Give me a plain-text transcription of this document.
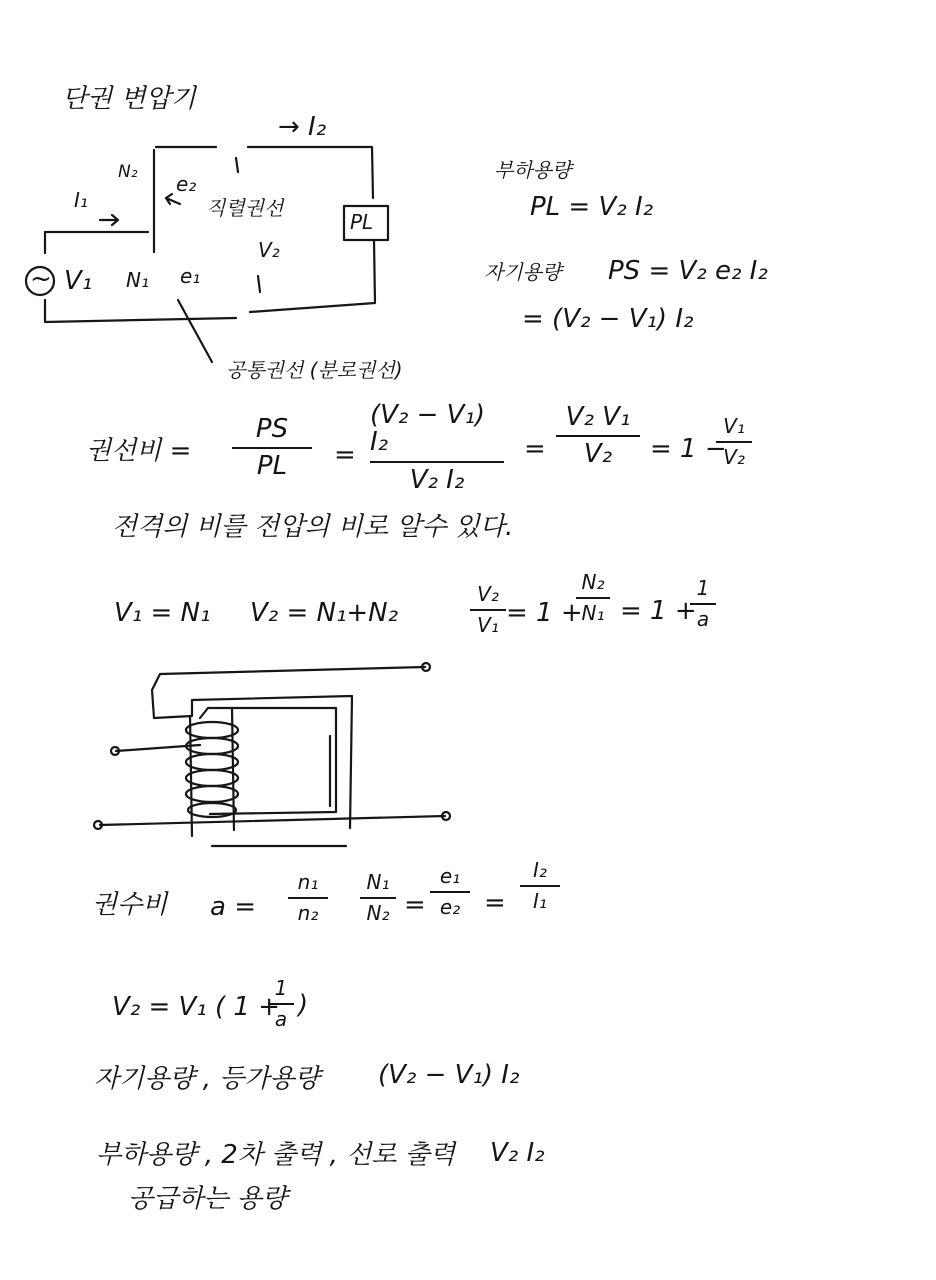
단권 변압기
→ I₂
I₁
N₂ e₂
직렬권선
~ V₁ N₁ e₁
V₂
PL
공통권선 (분로권선)
부하용량
PL = V₂ I₂
자기용량 PS = V₂ e₂ I₂
= (V₂ − V₁) I₂
권선비 =
PS
PL =
(V₂ − V₁) I₂
V₂ I₂
=
V₂ V₁
V₂ = 1 −
V₁
V₂
전격의 비를 전압의 비로 알수 있다.
V₁ = N₁ V₂ = N₁+N₂
V₂
V₁ = 1 +
N₂
N₁ = 1 +
1
a
권수비 a =
n₁
n₂
N₁
N₂ =
e₁
e₂ =
I₂
I₁
V₂ = V₁ ( 1 +
1
a )
자기용량 , 등가용량 (V₂ − V₁) I₂
부하용량 , 2차 출력 , 선로 출력 V₂ I₂
공급하는 용량
